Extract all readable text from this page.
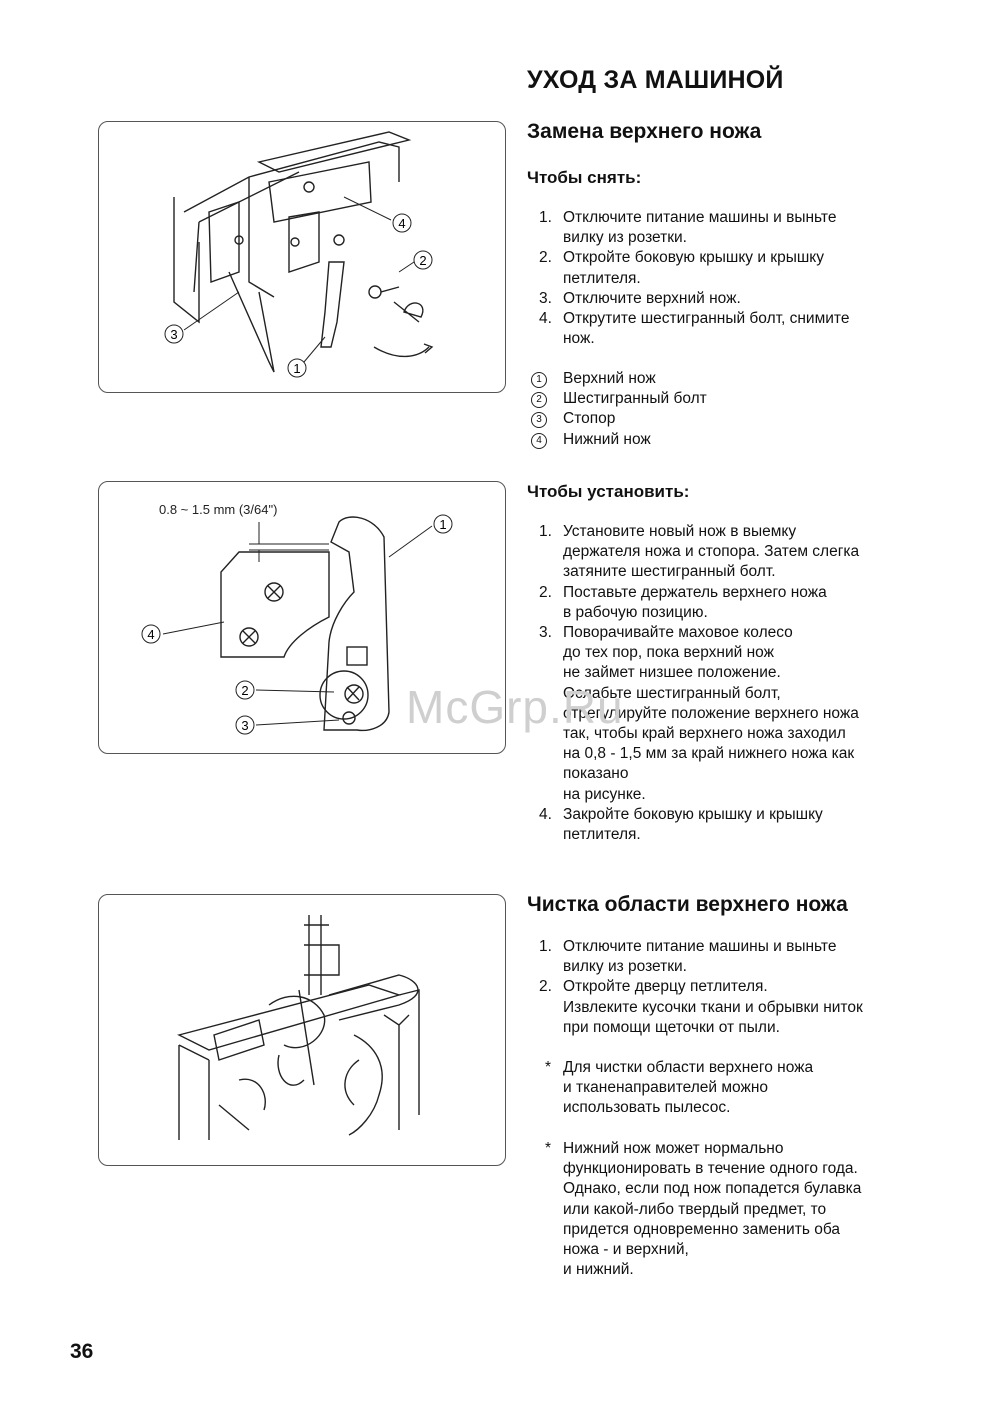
УХОД ЗА МАШИНОЙ
Замена верхнего ножа
Чтобы снять:
1. Отключите питание машины и выньте
вилку из розетки.
2. Откройте боковую крышку и крышку
петлителя.
3. Отключите верхний нож.
4. Открутите шестигранный болт, снимите
нож.
1	Верхний нож
2	Шестигранный болт
3	Стопор
4	Нижний нож
Чтобы установить:
1. Установите новый нож в выемку
держателя ножа и стопора. Затем слегка
затяните шестигранный болт.
2. Поставьте держатель верхнего ножа
в рабочую позицию.
3. Поворачивайте маховое колесо
до тех пор, пока верхний нож
не займет низшее положение.
Ослабьте шестигранный болт,
отрегулируйте положение верхнего ножа
так, чтобы край верхнего ножа заходил
на 0,8 - 1,5 мм за край нижнего ножа как
показано
на рисунке.
4. Закройте боковую крышку и крышку
петлителя.
Чистка области верхнего ножа
1. Отключите питание машины и выньте
вилку из розетки.
2. Откройте дверцу петлителя.
Извлеките кусочки ткани и обрывки ниток
при помощи щеточки от пыли.
* Для чистки области верхнего ножа
и тканенаправителей можно
использовать пылесос.
* Нижний нож может нормально
функционировать в течение одного года.
Однако, если под нож попадется булавка
или какой-либо твердый предмет, то
придется одновременно заменить оба
ножа - и верхний,
и нижний.
4
2
3
1
0.8 ~ 1.5 mm (3/64")
1
4
2
3	McGrp.Ru
36
